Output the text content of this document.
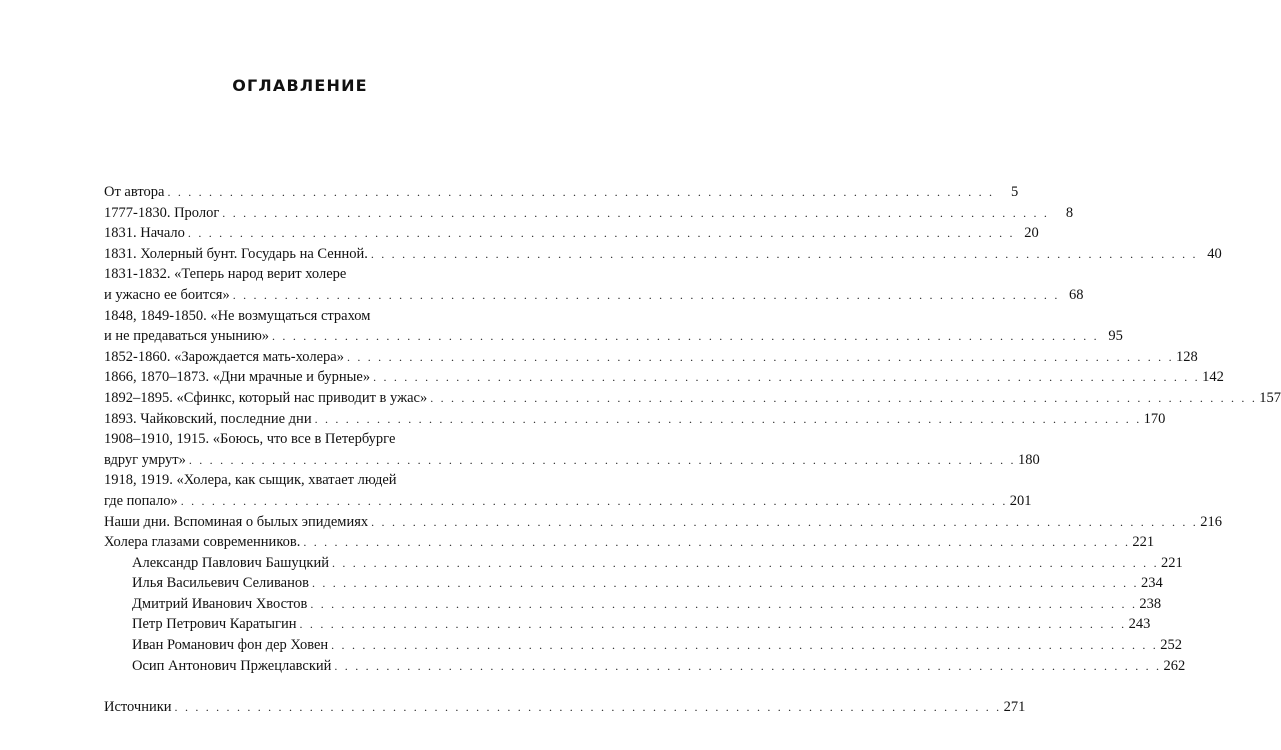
ОГЛАВЛЕНИЕ
От автора . . . . . . . . . . . . . . . . . . . . . . . . . . . . . . . . . . . . . . . . . . . . . . . . . . . . . . . . . . . . . . . . . . . . . . . . . . . . . . . .	5
1777-1830. Пролог . . . . . . . . . . . . . . . . . . . . . . . . . . . . . . . . . . . . . . . . . . . . . . . . . . . . . . . . . . . . . . . . . . . . . . . . . . . . . . . .	8
1831. Начало . . . . . . . . . . . . . . . . . . . . . . . . . . . . . . . . . . . . . . . . . . . . . . . . . . . . . . . . . . . . . . . . . . . . . . . . . . . . . . . . 20
1831. Холерный бунт. Государь на Сенной. . . . . . . . . . . . . . . . . . . . . . . . . . . . . . . . . . . . . . . . . . . . . . . . . . . . . . . . . . . . . . . . . . . . . . . . . . . . . . . . . 40
1831-1832. «Теперь народ верит холере
и ужасно ее боится» . . . . . . . . . . . . . . . . . . . . . . . . . . . . . . . . . . . . . . . . . . . . . . . . . . . . . . . . . . . . . . . . . . . . . . . . . . . . . . . . 68
1848, 1849-1850. «Не возмущаться страхом
и не предаваться унынию» . . . . . . . . . . . . . . . . . . . . . . . . . . . . . . . . . . . . . . . . . . . . . . . . . . . . . . . . . . . . . . . . . . . . . . . . . . . . . . . . 95
1852-1860. «Зарождается мать-холера» . . . . . . . . . . . . . . . . . . . . . . . . . . . . . . . . . . . . . . . . . . . . . . . . . . . . . . . . . . . . . . . . . . . . . . . . . . . . . . . . 128
1866, 1870–1873. «Дни мрачные и бурные» . . . . . . . . . . . . . . . . . . . . . . . . . . . . . . . . . . . . . . . . . . . . . . . . . . . . . . . . . . . . . . . . . . . . . . . . . . . . . . . . 142
1892–1895. «Сфинкс, который нас приводит в ужас» . . . . . . . . . . . . . . . . . . . . . . . . . . . . . . . . . . . . . . . . . . . . . . . . . . . . . . . . . . . . . . . . . . . . . . . . . . . . . . . . 157
1893. Чайковский, последние дни . . . . . . . . . . . . . . . . . . . . . . . . . . . . . . . . . . . . . . . . . . . . . . . . . . . . . . . . . . . . . . . . . . . . . . . . . . . . . . . . 170
1908–1910, 1915. «Боюсь, что все в Петербурге
вдруг умрут» . . . . . . . . . . . . . . . . . . . . . . . . . . . . . . . . . . . . . . . . . . . . . . . . . . . . . . . . . . . . . . . . . . . . . . . . . . . . . . . . 180
1918, 1919. «Холера, как сыщик, хватает людей
где попало» . . . . . . . . . . . . . . . . . . . . . . . . . . . . . . . . . . . . . . . . . . . . . . . . . . . . . . . . . . . . . . . . . . . . . . . . . . . . . . . . 201
Наши дни. Вспоминая о былых эпидемиях . . . . . . . . . . . . . . . . . . . . . . . . . . . . . . . . . . . . . . . . . . . . . . . . . . . . . . . . . . . . . . . . . . . . . . . . . . . . . . . . 216
Холера глазами современников. . . . . . . . . . . . . . . . . . . . . . . . . . . . . . . . . . . . . . . . . . . . . . . . . . . . . . . . . . . . . . . . . . . . . . . . . . . . . . . . . 221
Александр Павлович Башуцкий . . . . . . . . . . . . . . . . . . . . . . . . . . . . . . . . . . . . . . . . . . . . . . . . . . . . . . . . . . . . . . . . . . . . . . . . . . . . . . . . 221
Илья Васильевич Селиванов . . . . . . . . . . . . . . . . . . . . . . . . . . . . . . . . . . . . . . . . . . . . . . . . . . . . . . . . . . . . . . . . . . . . . . . . . . . . . . . . 234
Дмитрий Иванович Хвостов . . . . . . . . . . . . . . . . . . . . . . . . . . . . . . . . . . . . . . . . . . . . . . . . . . . . . . . . . . . . . . . . . . . . . . . . . . . . . . . . 238
Петр Петрович Каратыгин . . . . . . . . . . . . . . . . . . . . . . . . . . . . . . . . . . . . . . . . . . . . . . . . . . . . . . . . . . . . . . . . . . . . . . . . . . . . . . . . 243
Иван Романович фон дер Ховен . . . . . . . . . . . . . . . . . . . . . . . . . . . . . . . . . . . . . . . . . . . . . . . . . . . . . . . . . . . . . . . . . . . . . . . . . . . . . . . . 252
Осип Антонович Пржецлавский . . . . . . . . . . . . . . . . . . . . . . . . . . . . . . . . . . . . . . . . . . . . . . . . . . . . . . . . . . . . . . . . . . . . . . . . . . . . . . . . 262
Источники . . . . . . . . . . . . . . . . . . . . . . . . . . . . . . . . . . . . . . . . . . . . . . . . . . . . . . . . . . . . . . . . . . . . . . . . . . . . . . . . 271
